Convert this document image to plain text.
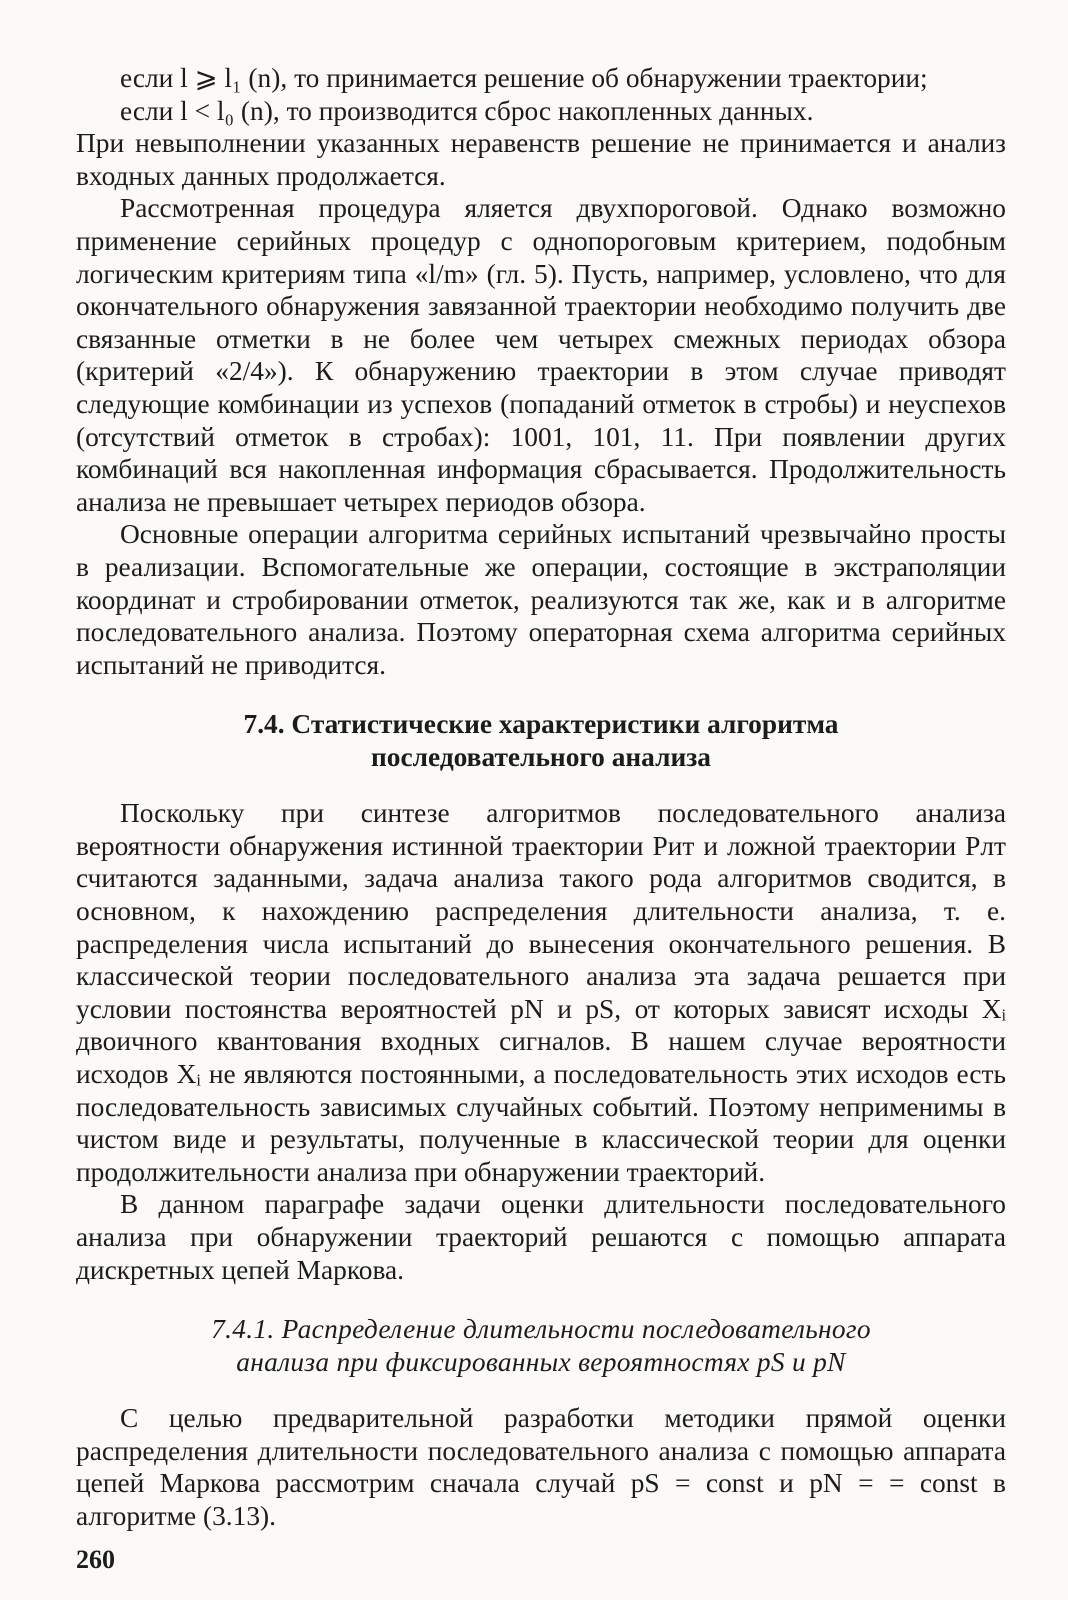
если l ⩾ l₁ (n), то принимается решение об обнаружении траектории;

если l < l₀ (n), то производится сброс накопленных данных.

При невыполнении указанных неравенств решение не принимается и анализ входных данных продолжается.

Рассмотренная процедура яляется двухпороговой. Однако возможно применение серийных процедур с однопороговым критерием, подобным логическим критериям типа «l/m» (гл. 5). Пусть, например, условлено, что для окончательного обнаружения завязанной траектории необходимо получить две связанные отметки в не более чем четырех смежных периодах обзора (критерий «2/4»). К обнаружению траектории в этом случае приводят следующие комбинации из успехов (попаданий отметок в стробы) и неуспехов (отсутствий отметок в стробах): 1001, 101, 11. При появлении других комбинаций вся накопленная информация сбрасывается. Продолжительность анализа не превышает четырех периодов обзора.

Основные операции алгоритма серийных испытаний чрезвычайно просты в реализации. Вспомогательные же операции, состоящие в экстраполяции координат и стробировании отметок, реализуются так же, как и в алгоритме последовательного анализа. Поэтому операторная схема алгоритма серийных испытаний не приводится.

7.4. Статистические характеристики алгоритма
последовательного анализа

Поскольку при синтезе алгоритмов последовательного анализа вероятности обнаружения истинной траектории Pит и ложной траектории Pлт считаются заданными, задача анализа такого рода алгоритмов сводится, в основном, к нахождению распределения длительности анализа, т. е. распределения числа испытаний до вынесения окончательного решения. В классической теории последовательного анализа эта задача решается при условии постоянства вероятностей pN и pS, от которых зависят исходы Xᵢ двоичного квантования входных сигналов. В нашем случае вероятности исходов Xᵢ не являются постоянными, а последовательность этих исходов есть последовательность зависимых случайных событий. Поэтому неприменимы в чистом виде и результаты, полученные в классической теории для оценки продолжительности анализа при обнаружении траекторий.

В данном параграфе задачи оценки длительности последовательного анализа при обнаружении траекторий решаются с помощью аппарата дискретных цепей Маркова.

7.4.1. Распределение длительности последовательного
анализа при фиксированных вероятностях pS и pN

С целью предварительной разработки методики прямой оценки распределения длительности последовательного анализа с помощью аппарата цепей Маркова рассмотрим сначала случай pS = const и pN = = const в алгоритме (3.13).

260
